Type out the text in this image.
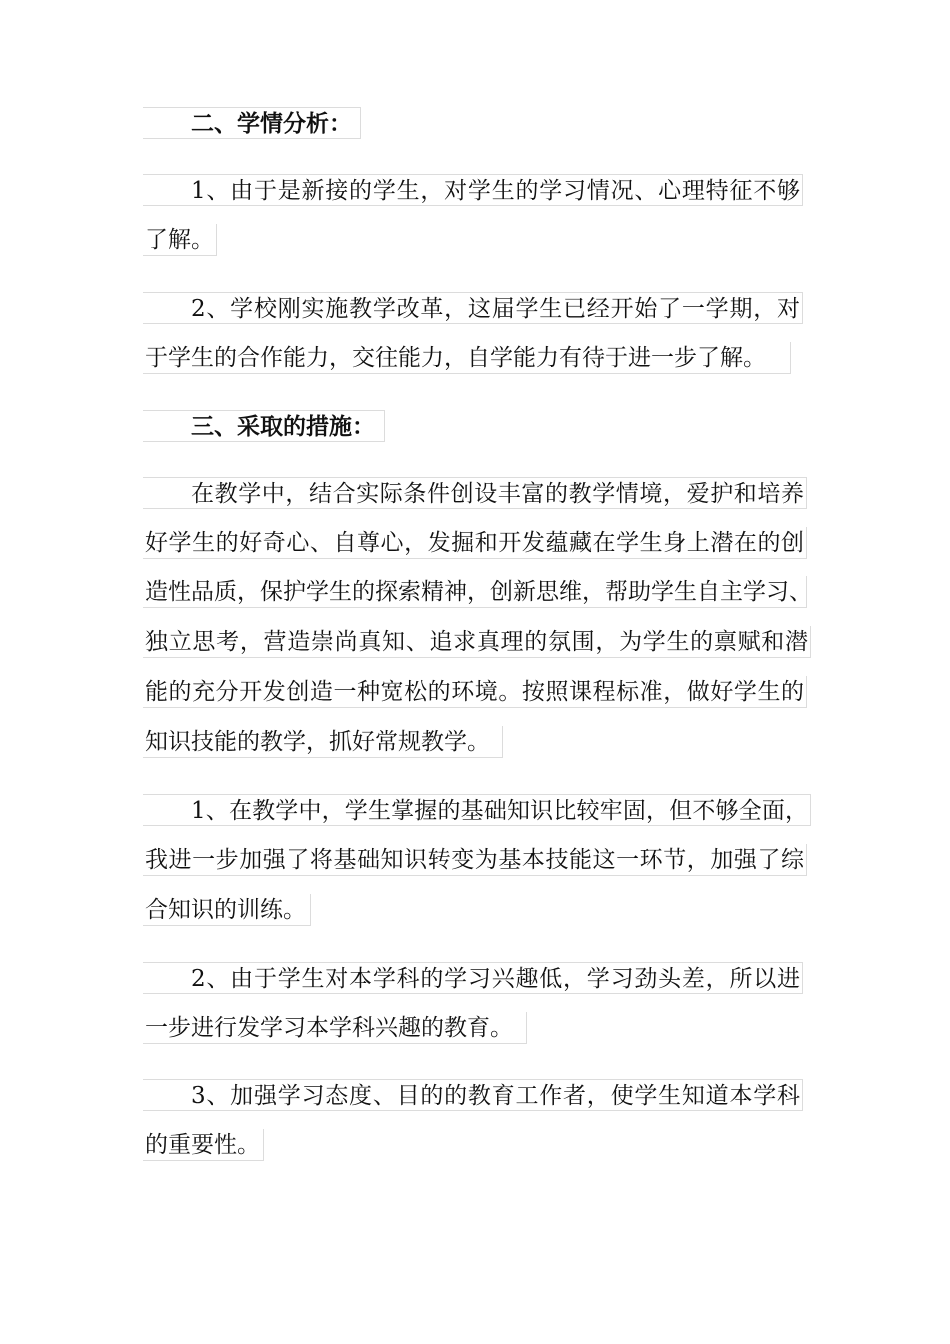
二、学情分析：
1、由于是新接的学生，对学生的学习情况、心理特征不够
了解。
2、学校刚实施教学改革，这届学生已经开始了一学期，对
于学生的合作能力，交往能力，自学能力有待于进一步了解。
三、采取的措施：
在教学中，结合实际条件创设丰富的教学情境，爱护和培养
好学生的好奇心、自尊心，发掘和开发蕴藏在学生身上潜在的创
造性品质，保护学生的探索精神，创新思维，帮助学生自主学习、
独立思考，营造崇尚真知、追求真理的氛围，为学生的禀赋和潜
能的充分开发创造一种宽松的环境。按照课程标准，做好学生的
知识技能的教学，抓好常规教学。
1、在教学中，学生掌握的基础知识比较牢固，但不够全面，
我进一步加强了将基础知识转变为基本技能这一环节，加强了综
合知识的训练。
2、由于学生对本学科的学习兴趣低，学习劲头差，所以进
一步进行发学习本学科兴趣的教育。
3、加强学习态度、目的的教育工作者，使学生知道本学科
的重要性。
